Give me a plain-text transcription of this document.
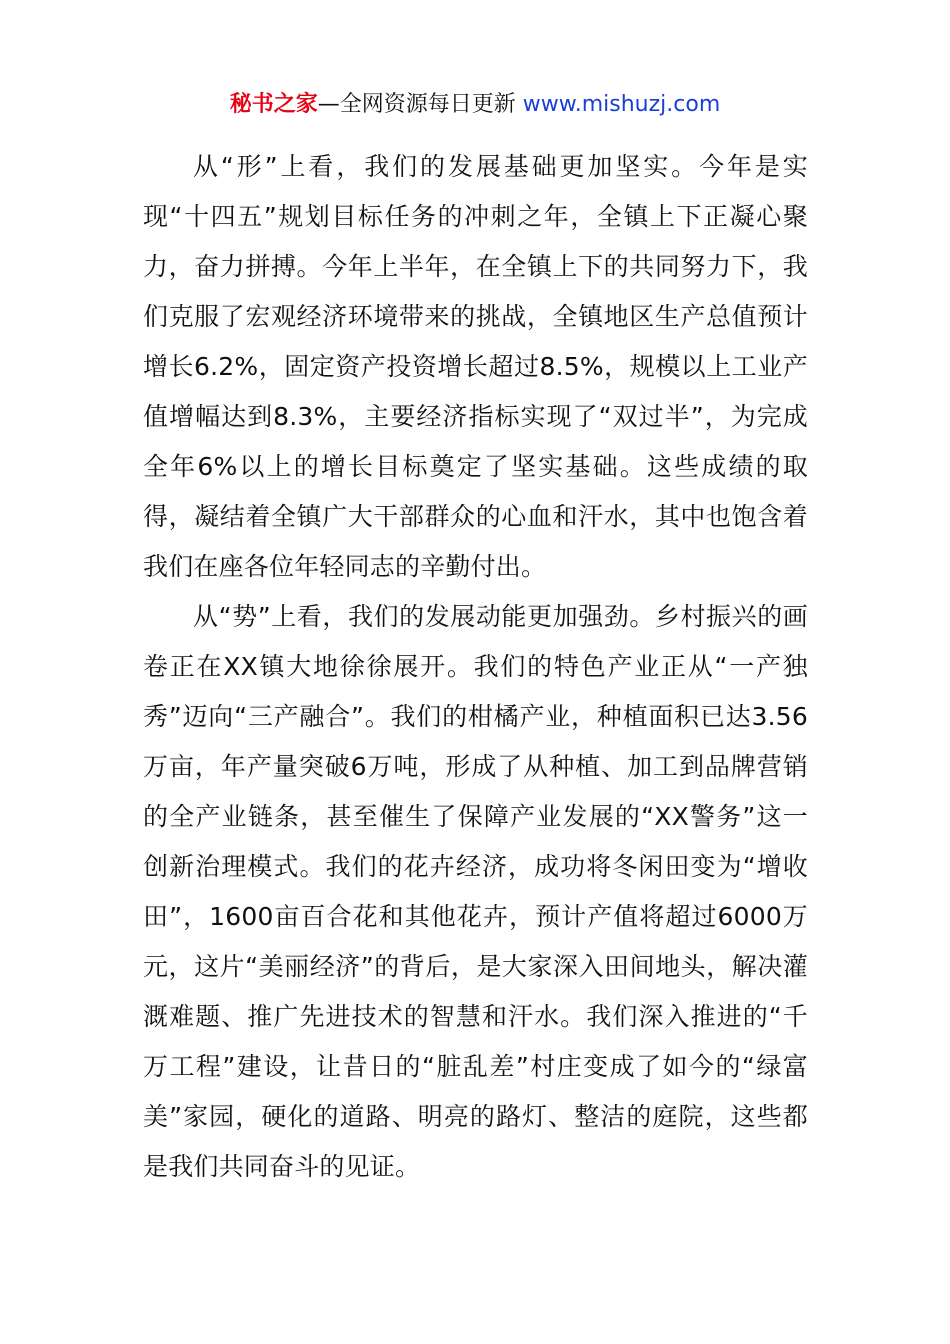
秘书之家—全网资源每日更新 www.mishuzj.com

从“形”上看，我们的发展基础更加坚实。今年是实现“十四五”规划目标任务的冲刺之年，全镇上下正凝心聚力，奋力拼搏。今年上半年，在全镇上下的共同努力下，我们克服了宏观经济环境带来的挑战，全镇地区生产总值预计增长6.2%，固定资产投资增长超过8.5%，规模以上工业产值增幅达到8.3%，主要经济指标实现了“双过半”，为完成全年6%以上的增长目标奠定了坚实基础。这些成绩的取得，凝结着全镇广大干部群众的心血和汗水，其中也饱含着我们在座各位年轻同志的辛勤付出。

从“势”上看，我们的发展动能更加强劲。乡村振兴的画卷正在XX镇大地徐徐展开。我们的特色产业正从“一产独秀”迈向“三产融合”。我们的柑橘产业，种植面积已达3.56万亩，年产量突破6万吨，形成了从种植、加工到品牌营销的全产业链条，甚至催生了保障产业发展的“XX警务”这一创新治理模式。我们的花卉经济，成功将冬闲田变为“增收田”，1600亩百合花和其他花卉，预计产值将超过6000万元，这片“美丽经济”的背后，是大家深入田间地头，解决灌溉难题、推广先进技术的智慧和汗水。我们深入推进的“千万工程”建设，让昔日的“脏乱差”村庄变成了如今的“绿富美”家园，硬化的道路、明亮的路灯、整洁的庭院，这些都是我们共同奋斗的见证。
